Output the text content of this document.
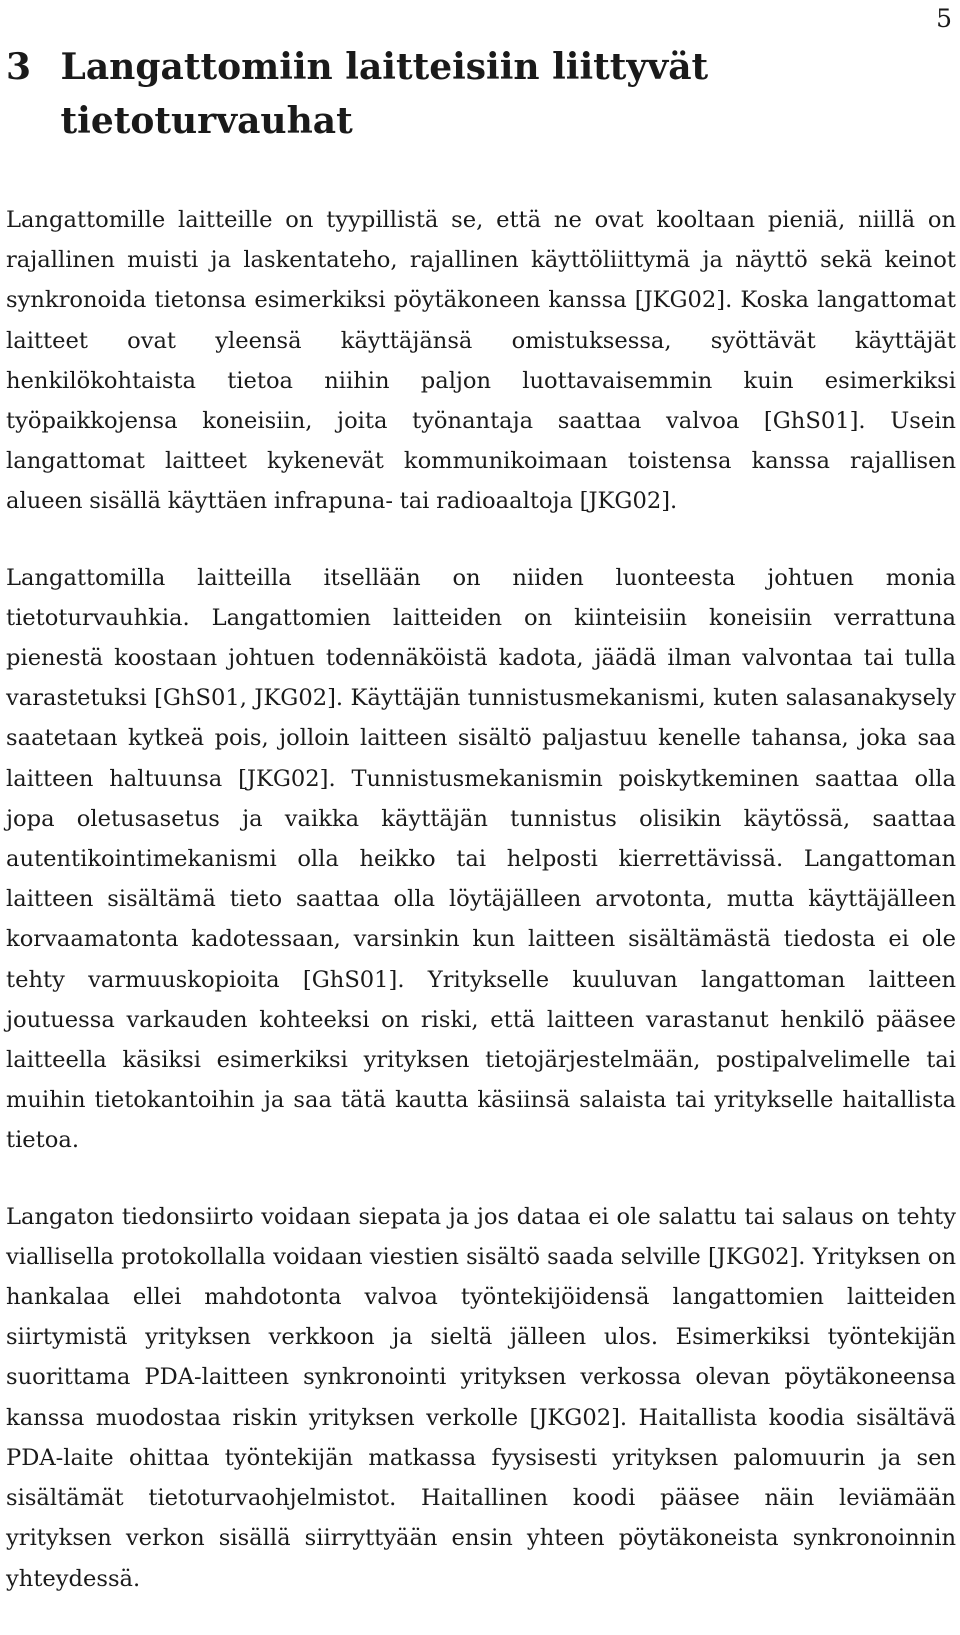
5
3 Langattomiin laitteisiin liittyvät tietoturvauhat

Langattomille laitteille on tyypillistä se, että ne ovat kooltaan pieniä, niillä on rajallinen muisti ja laskentateho, rajallinen käyttöliittymä ja näyttö sekä keinot synkronoida tietonsa esimerkiksi pöytäkoneen kanssa [JKG02]. Koska langattomat laitteet ovat yleensä käyttäjänsä omistuksessa, syöttävät käyttäjät henkilökohtaista tietoa niihin paljon luottavaisemmin kuin esimerkiksi työpaikkojensa koneisiin, joita työnantaja saattaa valvoa [GhS01]. Usein langattomat laitteet kykenevät kommunikoimaan toistensa kanssa rajallisen alueen sisällä käyttäen infrapuna- tai radioaaltoja [JKG02].

Langattomilla laitteilla itsellään on niiden luonteesta johtuen monia tietoturvauhkia. Langattomien laitteiden on kiinteisiin koneisiin verrattuna pienestä koostaan johtuen todennäköistä kadota, jäädä ilman valvontaa tai tulla varastetuksi [GhS01, JKG02]. Käyttäjän tunnistusmekanismi, kuten salasanakysely saatetaan kytkeä pois, jolloin laitteen sisältö paljastuu kenelle tahansa, joka saa laitteen haltuunsa [JKG02]. Tunnistusmekanismin poiskytkeminen saattaa olla jopa oletusasetus ja vaikka käyttäjän tunnistus olisikin käytössä, saattaa autentikointimekanismi olla heikko tai helposti kierrettävissä. Langattoman laitteen sisältämä tieto saattaa olla löytäjälleen arvotonta, mutta käyttäjälleen korvaamatonta kadotessaan, varsinkin kun laitteen sisältämästä tiedosta ei ole tehty varmuuskopioita [GhS01]. Yritykselle kuuluvan langattoman laitteen joutuessa varkauden kohteeksi on riski, että laitteen varastanut henkilö pääsee laitteella käsiksi esimerkiksi yrityksen tietojärjestelmään, postipalvelimelle tai muihin tietokantoihin ja saa tätä kautta käsiinsä salaista tai yritykselle haitallista tietoa.

Langaton tiedonsiirto voidaan siepata ja jos dataa ei ole salattu tai salaus on tehty viallisella protokollalla voidaan viestien sisältö saada selville [JKG02]. Yrityksen on hankalaa ellei mahdotonta valvoa työntekijöidensä langattomien laitteiden siirtymistä yrityksen verkkoon ja sieltä jälleen ulos. Esimerkiksi työntekijän suorittama PDA-laitteen synkronointi yrityksen verkossa olevan pöytäkoneensa kanssa muodostaa riskin yrityksen verkolle [JKG02]. Haitallista koodia sisältävä PDA-laite ohittaa työntekijän matkassa fyysisesti yrityksen palomuurin ja sen sisältämät tietoturvaohjelmistot. Haitallinen koodi pääsee näin leviämään yrityksen verkon sisällä siirryttyään ensin yhteen pöytäkoneista synkronoinnin yhteydessä.
